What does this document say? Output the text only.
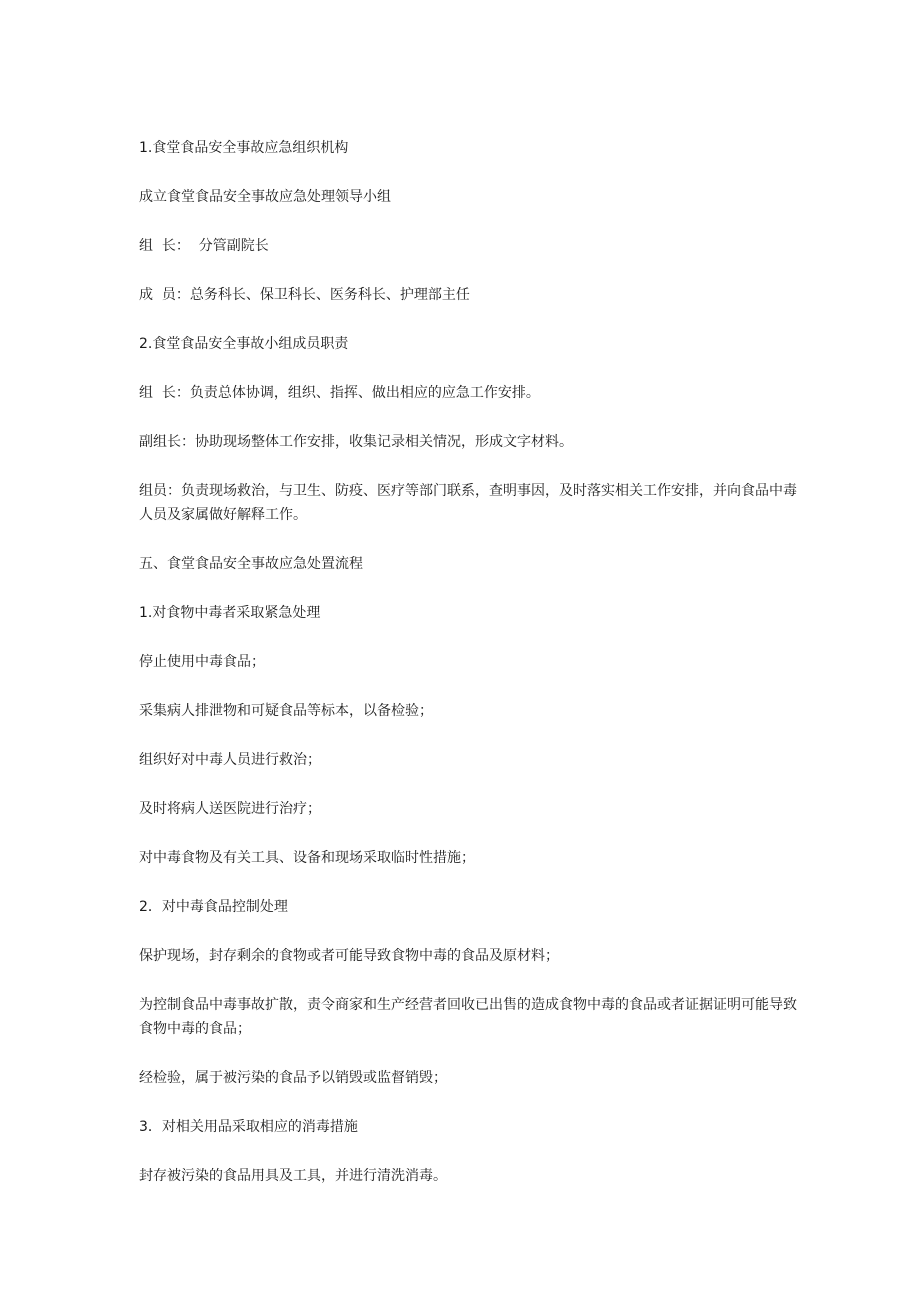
1.食堂食品安全事故应急组织机构

成立食堂食品安全事故应急处理领导小组

组  长：  分管副院长

成  员：总务科长、保卫科长、医务科长、护理部主任

2.食堂食品安全事故小组成员职责

组  长：负责总体协调，组织、指挥、做出相应的应急工作安排。

副组长：协助现场整体工作安排，收集记录相关情况，形成文字材料。

组员：负责现场救治，与卫生、防疫、医疗等部门联系，查明事因，及时落实相关工作安排，并向食品中毒人员及家属做好解释工作。

五、食堂食品安全事故应急处置流程

1.对食物中毒者采取紧急处理

停止使用中毒食品；

采集病人排泄物和可疑食品等标本，以备检验；

组织好对中毒人员进行救治；

及时将病人送医院进行治疗；

对中毒食物及有关工具、设备和现场采取临时性措施；

2．对中毒食品控制处理

保护现场，封存剩余的食物或者可能导致食物中毒的食品及原材料；

为控制食品中毒事故扩散，责令商家和生产经营者回收已出售的造成食物中毒的食品或者证据证明可能导致食物中毒的食品；

经检验，属于被污染的食品予以销毁或监督销毁；

3．对相关用品采取相应的消毒措施

封存被污染的食品用具及工具，并进行清洗消毒。
